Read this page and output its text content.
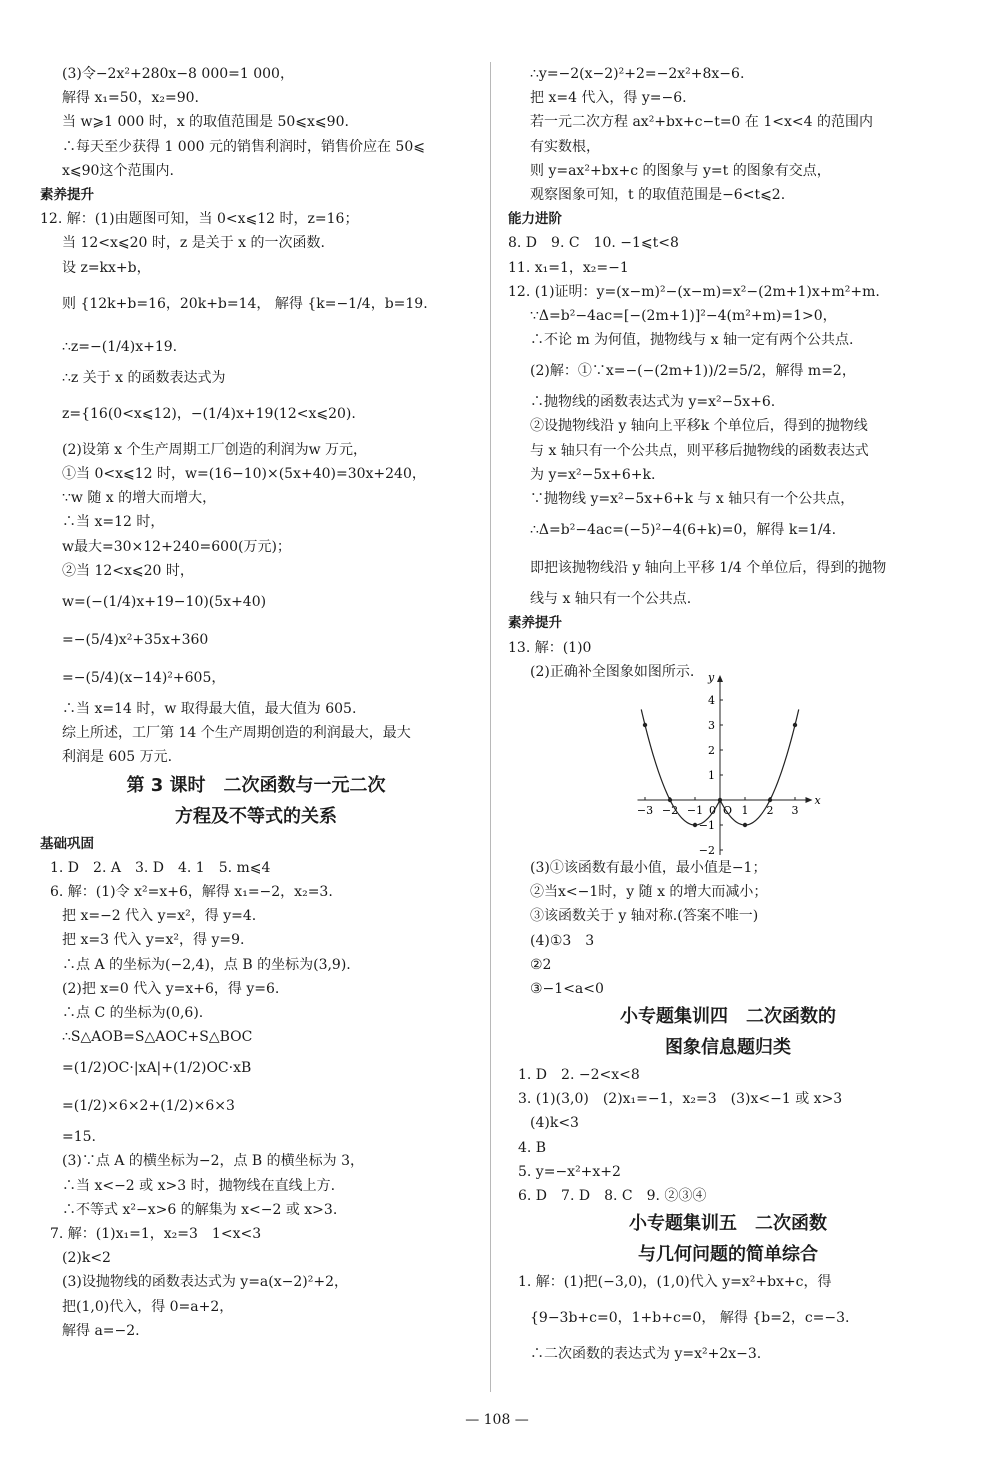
(3)令−2x²+280x−8 000=1 000，
解得 x₁=50，x₂=90.
当 w⩾1 000 时，x 的取值范围是 50⩽x⩽90.
∴每天至少获得 1 000 元的销售利润时，销售价应在 50⩽
x⩽90这个范围内.
素养提升
12. 解：(1)由题图可知，当 0<x⩽12 时，z=16；
当 12<x⩽20 时，z 是关于 x 的一次函数.
设 z=kx+b，
则 {12k+b=16，20k+b=14， 解得 {k=−1/4，b=19.
∴z=−(1/4)x+19.
∴z 关于 x 的函数表达式为
z={16(0<x⩽12)，−(1/4)x+19(12<x⩽20).
(2)设第 x 个生产周期工厂创造的利润为w 万元，
①当 0<x⩽12 时，w=(16−10)×(5x+40)=30x+240，
∵w 随 x 的增大而增大，
∴当 x=12 时，
w最大=30×12+240=600(万元)；
②当 12<x⩽20 时，
w=(−(1/4)x+19−10)(5x+40)
=−(5/4)x²+35x+360
=−(5/4)(x−14)²+605，
∴当 x=14 时，w 取得最大值，最大值为 605.
综上所述，工厂第 14 个生产周期创造的利润最大，最大
利润是 605 万元.
第 3 课时　二次函数与一元二次
方程及不等式的关系
基础巩固
1. D　2. A　3. D　4. 1　5. m⩽4
6. 解：(1)令 x²=x+6，解得 x₁=−2，x₂=3.
把 x=−2 代入 y=x²，得 y=4.
把 x=3 代入 y=x²，得 y=9.
∴点 A 的坐标为(−2,4)，点 B 的坐标为(3,9).
(2)把 x=0 代入 y=x+6，得 y=6.
∴点 C 的坐标为(0,6).
∴S△AOB=S△AOC+S△BOC
=(1/2)OC·|xA|+(1/2)OC·xB
=(1/2)×6×2+(1/2)×6×3
=15.
(3)∵点 A 的横坐标为−2，点 B 的横坐标为 3，
∴当 x<−2 或 x>3 时，抛物线在直线上方.
∴不等式 x²−x>6 的解集为 x<−2 或 x>3.
7. 解：(1)x₁=1，x₂=3　1<x<3
(2)k<2
(3)设抛物线的函数表达式为 y=a(x−2)²+2，
把(1,0)代入，得 0=a+2，
解得 a=−2.
∴y=−2(x−2)²+2=−2x²+8x−6.
把 x=4 代入，得 y=−6.
若一元二次方程 ax²+bx+c−t=0 在 1<x<4 的范围内
有实数根，
则 y=ax²+bx+c 的图象与 y=t 的图象有交点，
观察图象可知，t 的取值范围是−6<t⩽2.
能力进阶
8. D　9. C　10. −1⩽t<8
11. x₁=1，x₂=−1
12. (1)证明：y=(x−m)²−(x−m)=x²−(2m+1)x+m²+m.
∵Δ=b²−4ac=[−(2m+1)]²−4(m²+m)=1>0，
∴不论 m 为何值，抛物线与 x 轴一定有两个公共点.
(2)解：①∵x=−(−(2m+1))/2=5/2，解得 m=2，
∴抛物线的函数表达式为 y=x²−5x+6.
②设抛物线沿 y 轴向上平移k 个单位后，得到的抛物线
与 x 轴只有一个公共点，则平移后抛物线的函数表达式
为 y=x²−5x+6+k.
∵抛物线 y=x²−5x+6+k 与 x 轴只有一个公共点，
∴Δ=b²−4ac=(−5)²−4(6+k)=0，解得 k=1/4.
即把该抛物线沿 y 轴向上平移 1/4 个单位后，得到的抛物
线与 x 轴只有一个公共点.
素养提升
13. 解：(1)0
(2)正确补全图象如图所示.
x
y
−3 −2 −1	1 2 3
0 O
4
3
2
1
−1
−2
(3)①该函数有最小值，最小值是−1；
②当x<−1时，y 随 x 的增大而减小；
③该函数关于 y 轴对称.(答案不唯一)
(4)①3　3
②2
③−1<a<0
小专题集训四　二次函数的
图象信息题归类
1. D　2. −2<x<8
3. (1)(3,0)　(2)x₁=−1，x₂=3　(3)x<−1 或 x>3
(4)k<3
4. B
5. y=−x²+x+2
6. D　7. D　8. C　9. ②③④
小专题集训五　二次函数
与几何问题的简单综合
1. 解：(1)把(−3,0)，(1,0)代入 y=x²+bx+c，得
{9−3b+c=0，1+b+c=0， 解得 {b=2，c=−3.
∴二次函数的表达式为 y=x²+2x−3.
— 108 —
